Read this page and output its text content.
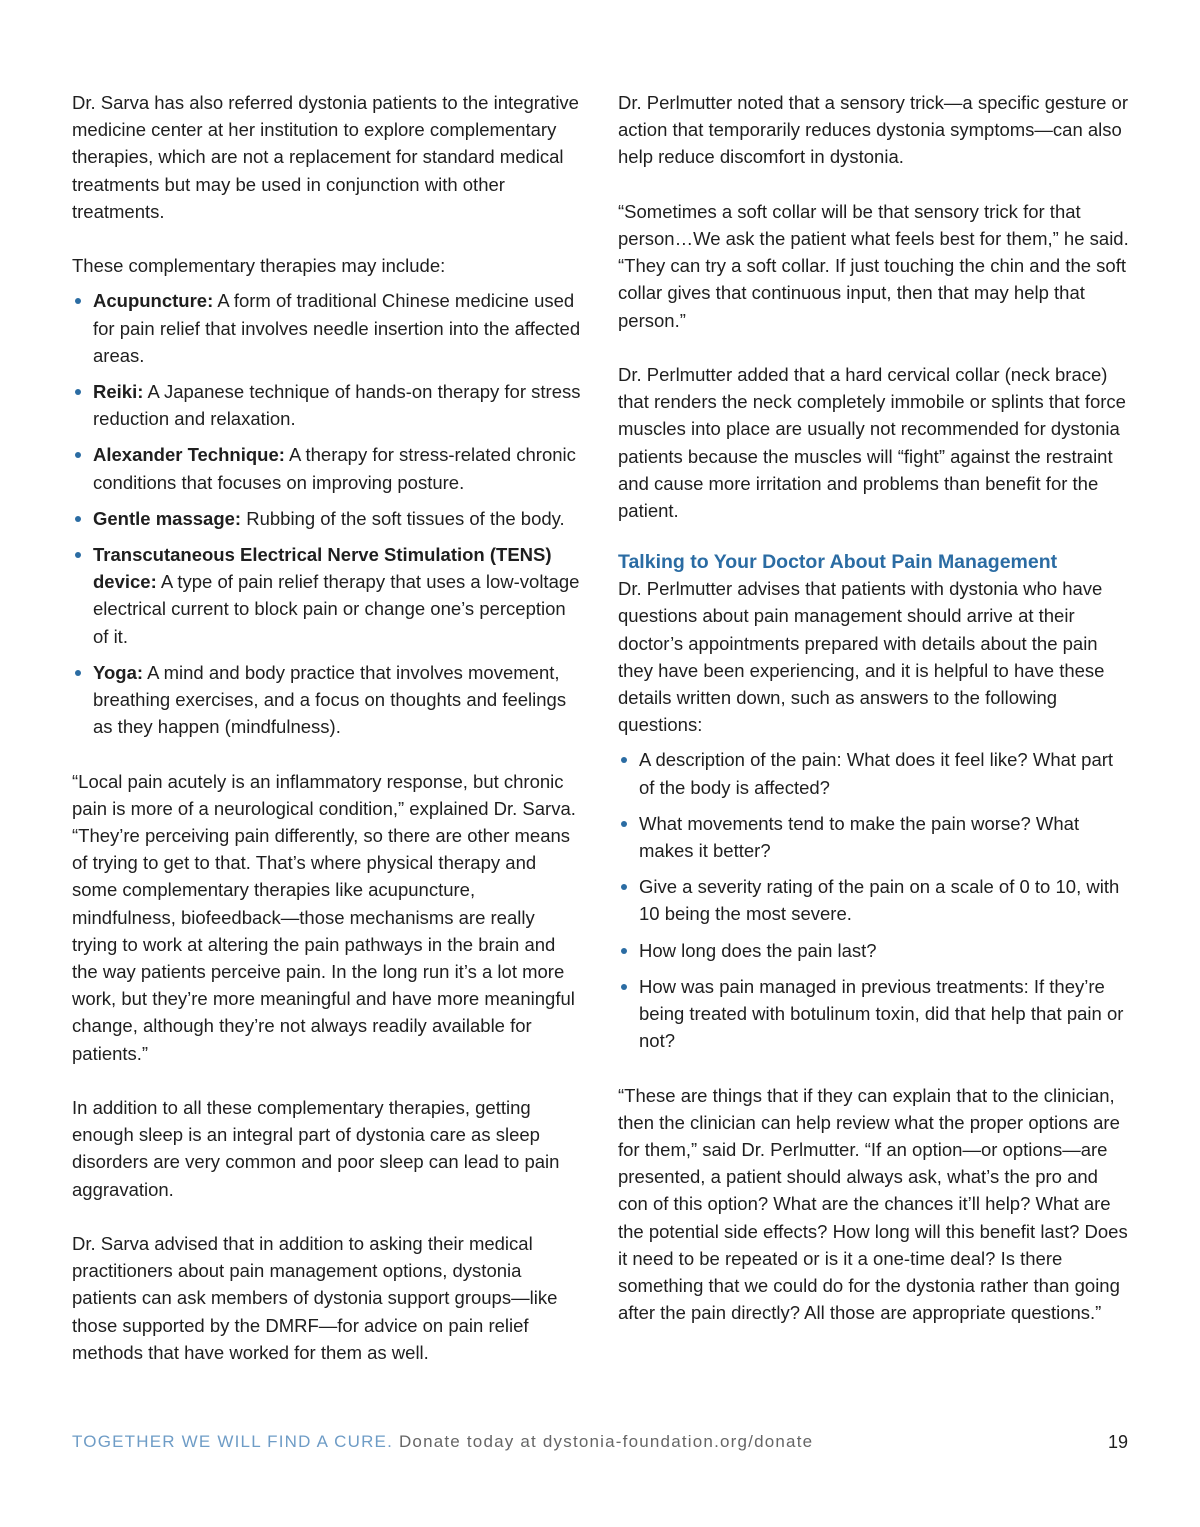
Dr. Sarva has also referred dystonia patients to the integrative medicine center at her institution to explore complementary therapies, which are not a replacement for standard medical treatments but may be used in conjunction with other treatments.

These complementary therapies may include:

Acupuncture: A form of traditional Chinese medicine used for pain relief that involves needle insertion into the affected areas.
Reiki: A Japanese technique of hands-on therapy for stress reduction and relaxation.
Alexander Technique: A therapy for stress-related chronic conditions that focuses on improving posture.
Gentle massage: Rubbing of the soft tissues of the body.
Transcutaneous Electrical Nerve Stimulation (TENS) device: A type of pain relief therapy that uses a low-voltage electrical current to block pain or change one’s perception of it.
Yoga: A mind and body practice that involves movement, breathing exercises, and a focus on thoughts and feelings as they happen (mindfulness).

“Local pain acutely is an inflammatory response, but chronic pain is more of a neurological condition,” explained Dr. Sarva. “They’re perceiving pain differently, so there are other means of trying to get to that. That’s where physical therapy and some complementary therapies like acupuncture, mindfulness, biofeedback—those mechanisms are really trying to work at altering the pain pathways in the brain and the way patients perceive pain. In the long run it’s a lot more work, but they’re more meaningful and have more meaningful change, although they’re not always readily available for patients.”

In addition to all these complementary therapies, getting enough sleep is an integral part of dystonia care as sleep disorders are very common and poor sleep can lead to pain aggravation.

Dr. Sarva advised that in addition to asking their medical practitioners about pain management options, dystonia patients can ask members of dystonia support groups—like those supported by the DMRF—for advice on pain relief methods that have worked for them as well.

Dr. Perlmutter noted that a sensory trick—a specific gesture or action that temporarily reduces dystonia symptoms—can also help reduce discomfort in dystonia.

“Sometimes a soft collar will be that sensory trick for that person…We ask the patient what feels best for them,” he said. “They can try a soft collar. If just touching the chin and the soft collar gives that continuous input, then that may help that person.”

Dr. Perlmutter added that a hard cervical collar (neck brace) that renders the neck completely immobile or splints that force muscles into place are usually not recommended for dystonia patients because the muscles will “fight” against the restraint and cause more irritation and problems than benefit for the patient.

Talking to Your Doctor About Pain Management

Dr. Perlmutter advises that patients with dystonia who have questions about pain management should arrive at their doctor’s appointments prepared with details about the pain they have been experiencing, and it is helpful to have these details written down, such as answers to the following questions:

A description of the pain: What does it feel like? What part of the body is affected?
What movements tend to make the pain worse? What makes it better?
Give a severity rating of the pain on a scale of 0 to 10, with 10 being the most severe.
How long does the pain last?
How was pain managed in previous treatments: If they’re being treated with botulinum toxin, did that help that pain or not?

“These are things that if they can explain that to the clinician, then the clinician can help review what the proper options are for them,” said Dr. Perlmutter. “If an option—or options—are presented, a patient should always ask, what’s the pro and con of this option? What are the chances it’ll help? What are the potential side effects? How long will this benefit last? Does it need to be repeated or is it a one-time deal? Is there something that we could do for the dystonia rather than going after the pain directly? All those are appropriate questions.”

TOGETHER WE WILL FIND A CURE. Donate today at dystonia-foundation.org/donate	19
